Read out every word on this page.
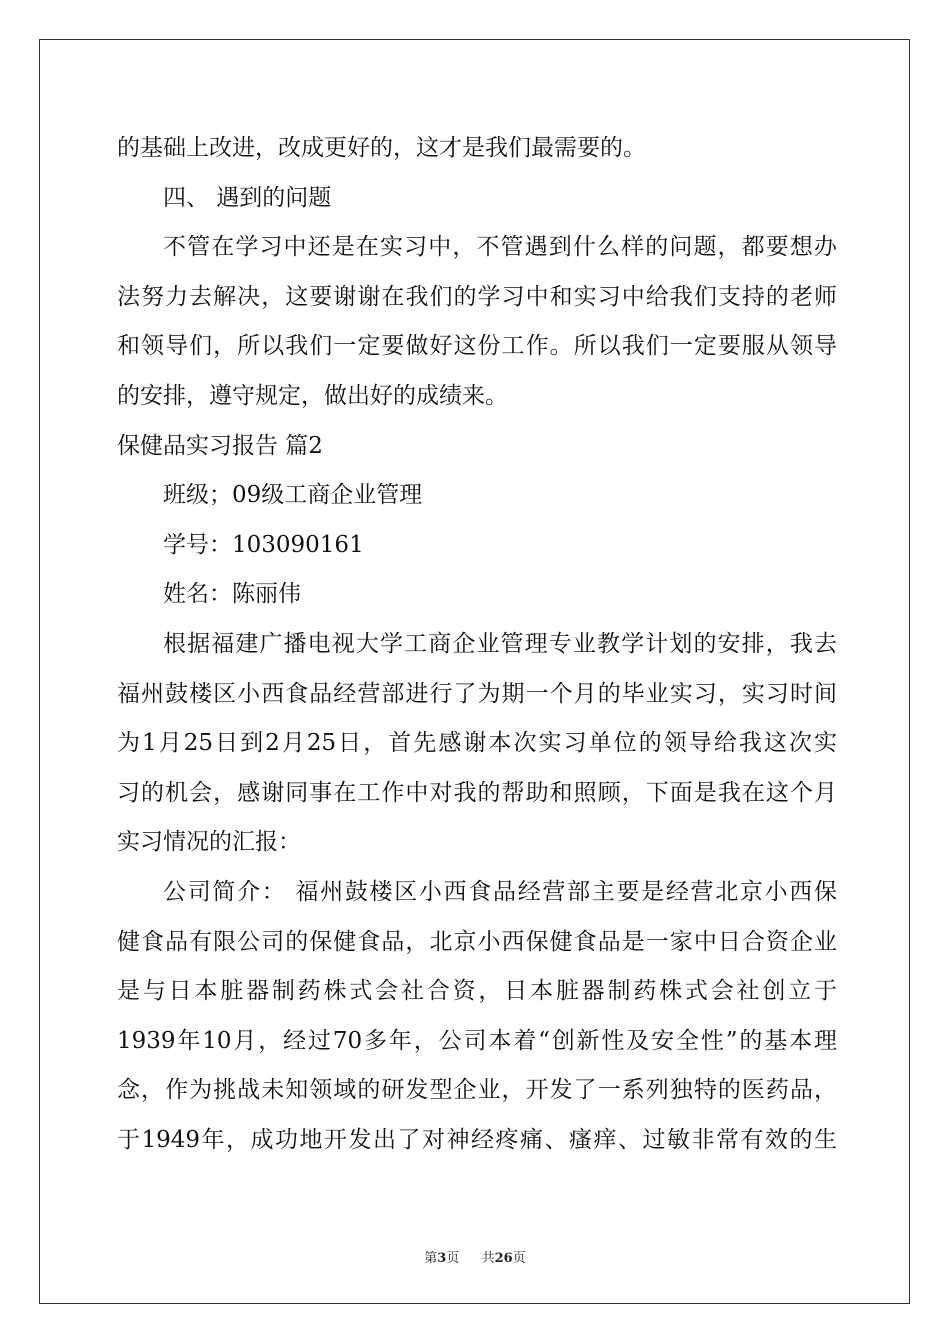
的基础上改进，改成更好的，这才是我们最需要的。
四、 遇到的问题
不管在学习中还是在实习中，不管遇到什么样的问题，都要想办
法努力去解决，这要谢谢在我们的学习中和实习中给我们支持的老师
和领导们，所以我们一定要做好这份工作。所以我们一定要服从领导
的安排，遵守规定，做出好的成绩来。
保健品实习报告 篇2
班级；09级工商企业管理
学号：103090161
姓名：陈丽伟
根据福建广播电视大学工商企业管理专业教学计划的安排，我去
福州鼓楼区小西食品经营部进行了为期一个月的毕业实习，实习时间
为1月25日到2月25日，首先感谢本次实习单位的领导给我这次实
习的机会，感谢同事在工作中对我的帮助和照顾，下面是我在这个月
实习情况的汇报：
公司简介： 福州鼓楼区小西食品经营部主要是经营北京小西保
健食品有限公司的保健食品，北京小西保健食品是一家中日合资企业
是与日本脏器制药株式会社合资，日本脏器制药株式会社创立于
1939年10月，经过70多年，公司本着“创新性及安全性”的基本理
念，作为挑战未知领域的研发型企业，开发了一系列独特的医药品，
于1949年，成功地开发出了对神经疼痛、瘙痒、过敏非常有效的生
第3页 共26页
